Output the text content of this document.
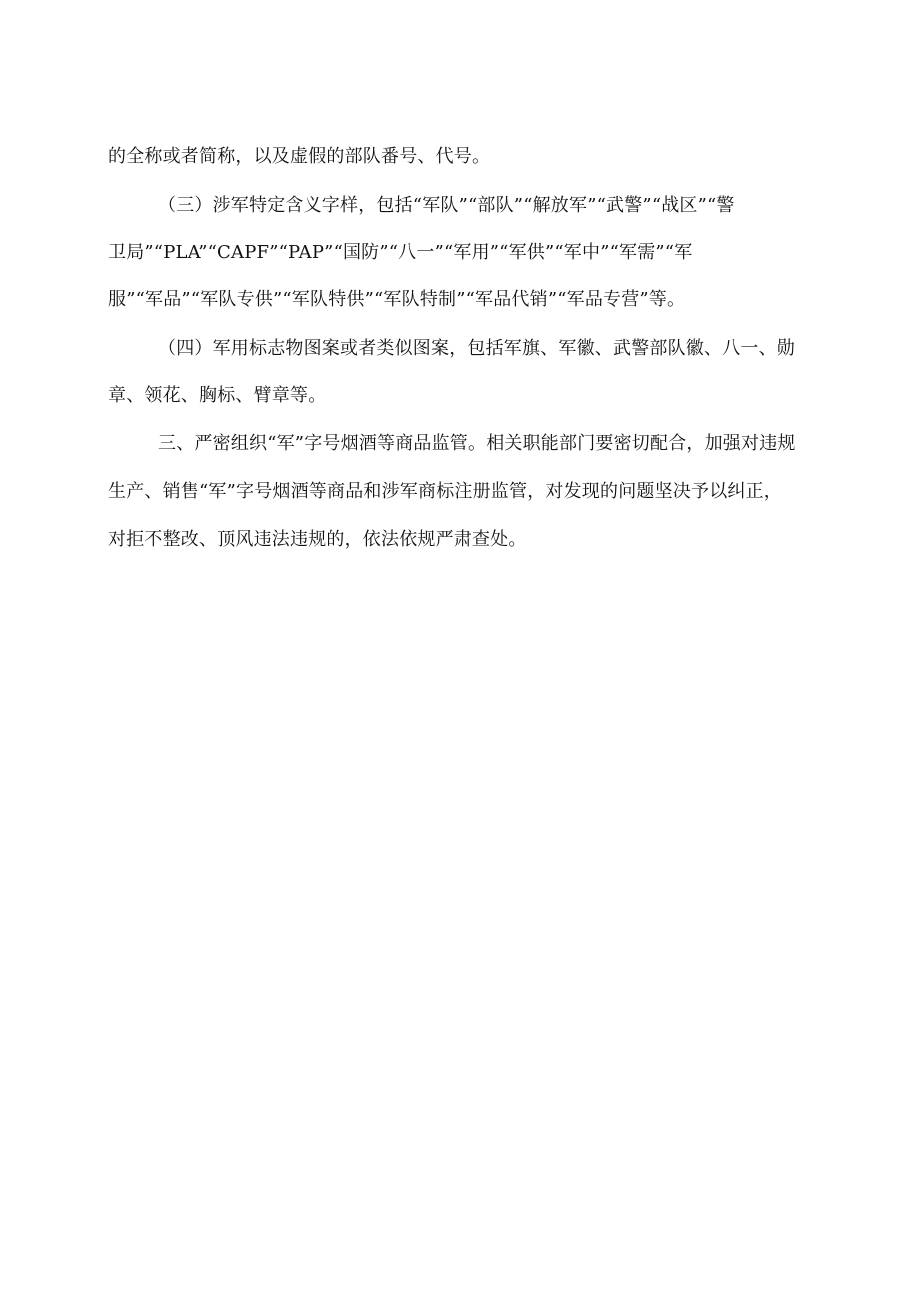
的全称或者简称，以及虚假的部队番号、代号。
（三）涉军特定含义字样，包括“军队”“部队”“解放军”“武警”“战区”“警
卫局”“PLA”“CAPF”“PAP”“国防”“八一”“军用”“军供”“军中”“军需”“军
服”“军品”“军队专供”“军队特供”“军队特制”“军品代销”“军品专营”等。
（四）军用标志物图案或者类似图案，包括军旗、军徽、武警部队徽、八一、勋
章、领花、胸标、臂章等。
三、严密组织“军”字号烟酒等商品监管。相关职能部门要密切配合，加强对违规
生产、销售“军”字号烟酒等商品和涉军商标注册监管，对发现的问题坚决予以纠正，
对拒不整改、顶风违法违规的，依法依规严肃查处。
